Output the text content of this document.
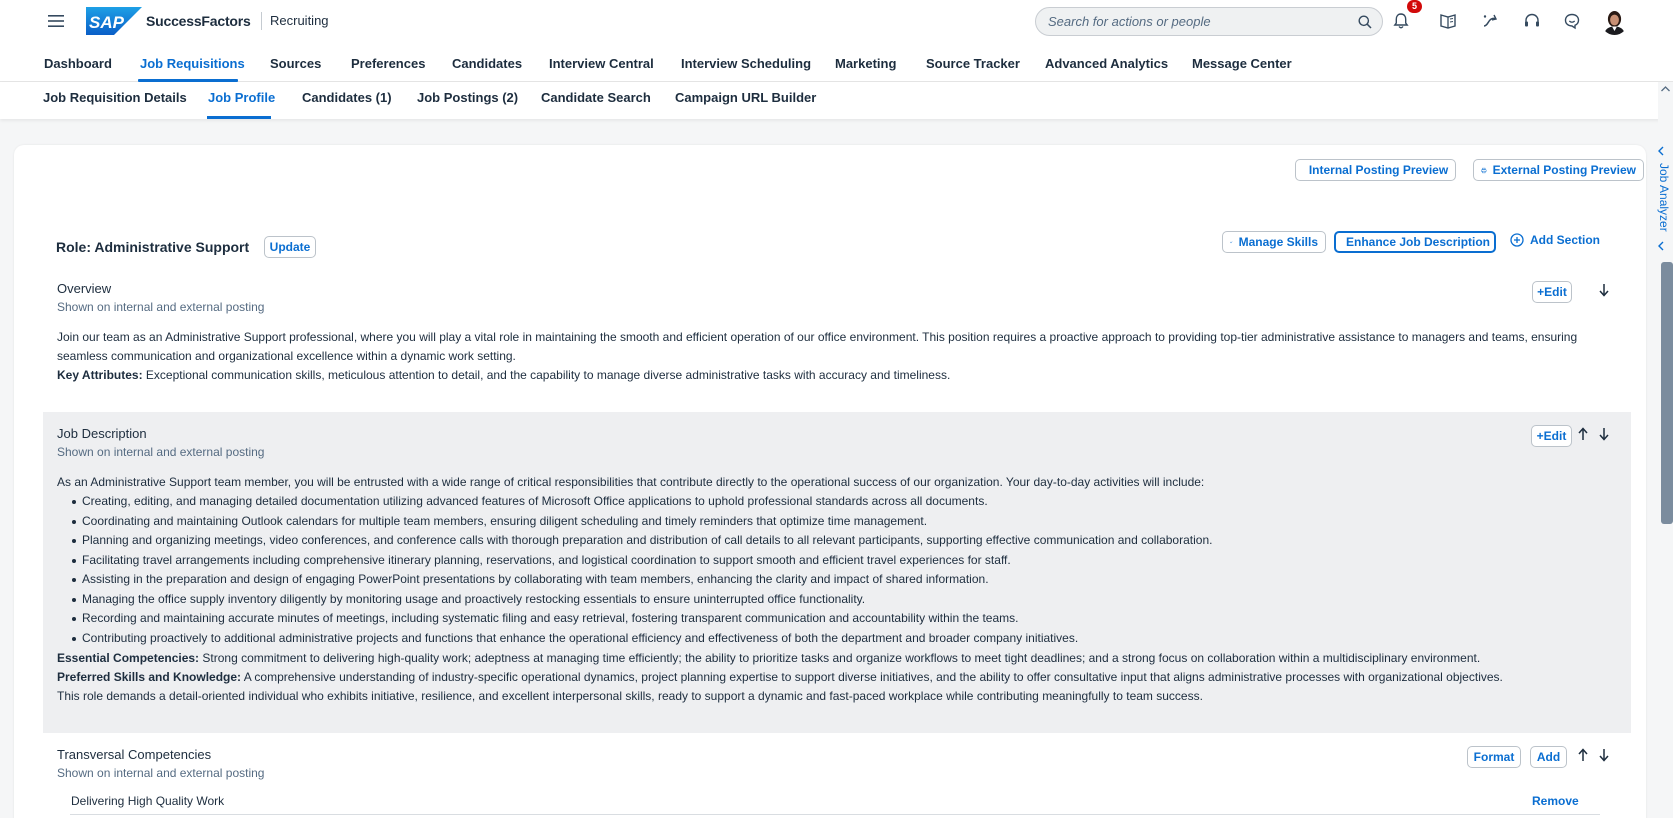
SAP SuccessFactors Recruiting
Search for actions or people
5
Dashboard Job Requisitions Sources Preferences Candidates Interview Central Interview Scheduling Marketing Source Tracker Advanced Analytics Message Center
Job Requisition Details Job Profile Candidates (1) Job Postings (2) Candidate Search Campaign URL Builder
Job Analyzer
Internal Posting Preview	External Posting Preview
Role: Administrative Support Update	Manage Skills Enhance Job Description	Add Section
Overview
Shown on internal and external posting
+Edit
Join our team as an Administrative Support professional, where you will play a vital role in maintaining the smooth and efficient operation of our office environment. This position requires a proactive approach to providing top-tier administrative assistance to managers and teams, ensuring
seamless communication and organizational excellence within a dynamic work setting.
Key Attributes: Exceptional communication skills, meticulous attention to detail, and the capability to manage diverse administrative tasks with accuracy and timeliness.
Job Description
Shown on internal and external posting
+Edit
As an Administrative Support team member, you will be entrusted with a wide range of critical responsibilities that contribute directly to the operational success of our organization. Your day-to-day activities will include:
Creating, editing, and managing detailed documentation utilizing advanced features of Microsoft Office applications to uphold professional standards across all documents.
Coordinating and maintaining Outlook calendars for multiple team members, ensuring diligent scheduling and timely reminders that optimize time management.
Planning and organizing meetings, video conferences, and conference calls with thorough preparation and distribution of call details to all relevant participants, supporting effective communication and collaboration.
Facilitating travel arrangements including comprehensive itinerary planning, reservations, and logistical coordination to support smooth and efficient travel experiences for staff.
Assisting in the preparation and design of engaging PowerPoint presentations by collaborating with team members, enhancing the clarity and impact of shared information.
Managing the office supply inventory diligently by monitoring usage and proactively restocking essentials to ensure uninterrupted office functionality.
Recording and maintaining accurate minutes of meetings, including systematic filing and easy retrieval, fostering transparent communication and accountability within the teams.
Contributing proactively to additional administrative projects and functions that enhance the operational efficiency and effectiveness of both the department and broader company initiatives.
Essential Competencies: Strong commitment to delivering high-quality work; adeptness at managing time efficiently; the ability to prioritize tasks and organize workflows to meet tight deadlines; and a strong focus on collaboration within a multidisciplinary environment.
Preferred Skills and Knowledge: A comprehensive understanding of industry-specific operational dynamics, project planning expertise to support diverse initiatives, and the ability to offer consultative input that aligns administrative processes with organizational objectives.
This role demands a detail-oriented individual who exhibits initiative, resilience, and excellent interpersonal skills, ready to support a dynamic and fast-paced workplace while contributing meaningfully to team success.
Transversal Competencies
Shown on internal and external posting
Format Add
Delivering High Quality Work	Remove
